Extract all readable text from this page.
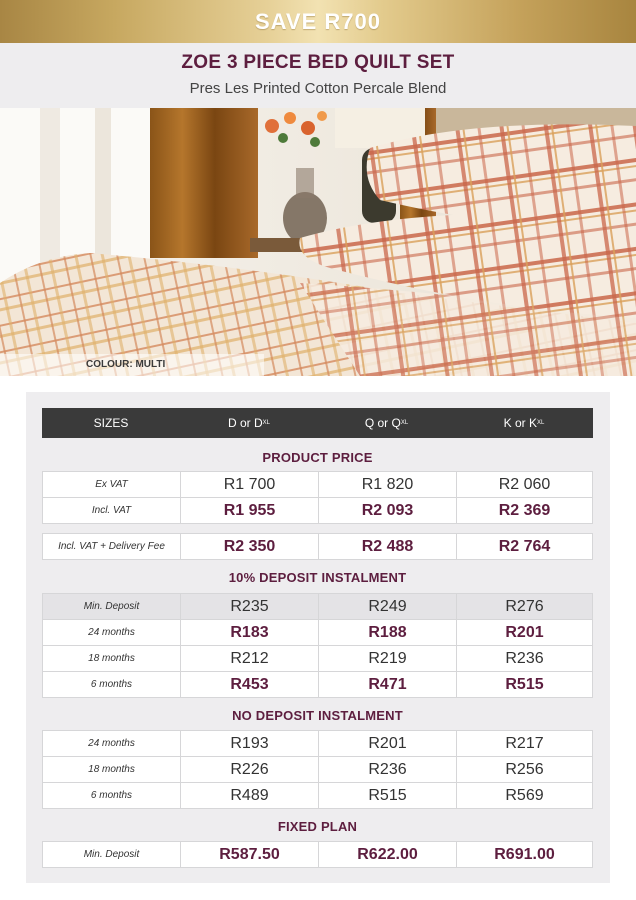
SAVE R700
ZOE 3 PIECE BED QUILT SET
Pres Les Printed Cotton Percale Blend
COLOUR: MULTI
SIZES	D or D XL	Q or Q XL	K or K XL
PRODUCT PRICE
Ex VAT	R1 700	R1 820	R2 060
Incl. VAT	R1 955	R2 093	R2 369
Incl. VAT + Delivery Fee	R2 350	R2 488	R2 764
10% DEPOSIT INSTALMENT
Min. Deposit	R235	R249	R276
24 months	R183	R188	R201
18 months	R212	R219	R236
6 months	R453	R471	R515
NO DEPOSIT INSTALMENT
24 months	R193	R201	R217
18 months	R226	R236	R256
6 months	R489	R515	R569
FIXED PLAN
Min. Deposit	R587.50	R622.00	R691.00
